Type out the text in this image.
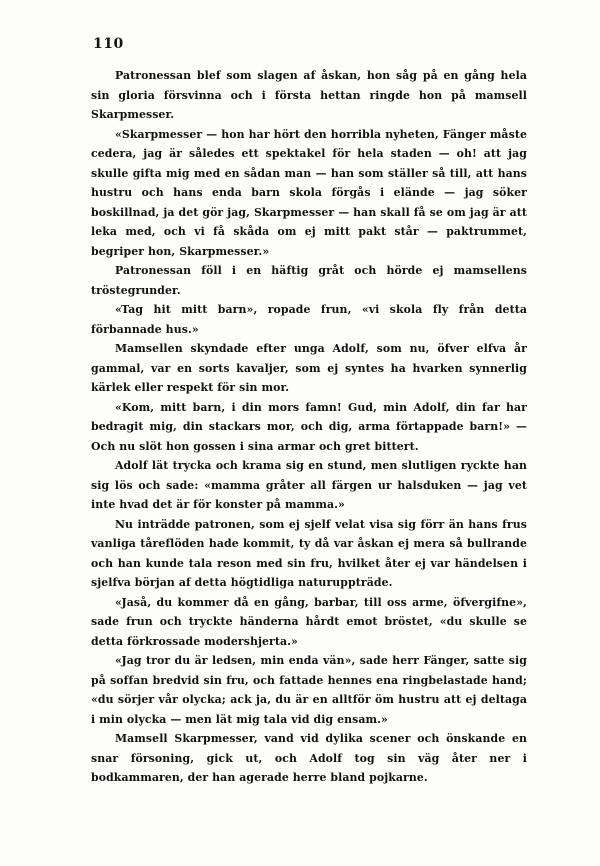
110

Patronessan blef som slagen af åskan, hon såg på en gång hela sin gloria försvinna och i första hettan ringde hon på mamsell Skarpmesser.

«Skarpmesser — hon har hört den horribla nyheten, Fänger måste cedera, jag är således ett spektakel för hela staden — oh! att jag skulle gifta mig med en sådan man — han som ställer så till, att hans hustru och hans enda barn skola förgås i elände — jag söker boskillnad, ja det gör jag, Skarpmesser — han skall få se om jag är att leka med, och vi få skåda om ej mitt pakt står — paktrummet, begriper hon, Skarpmesser.»

Patronessan föll i en häftig gråt och hörde ej mamsellens tröstegrunder.

«Tag hit mitt barn», ropade frun, «vi skola fly från detta förbannade hus.»

Mamsellen skyndade efter unga Adolf, som nu, öfver elfva år gammal, var en sorts kavaljer, som ej syntes ha hvarken synnerlig kärlek eller respekt för sin mor.

«Kom, mitt barn, i din mors famn! Gud, min Adolf, din far har bedragit mig, din stackars mor, och dig, arma förtappade barn!» — Och nu slöt hon gossen i sina armar och gret bittert.

Adolf lät trycka och krama sig en stund, men slutligen ryckte han sig lös och sade: «mamma gråter all färgen ur halsduken — jag vet inte hvad det är för konster på mamma.»

Nu inträdde patronen, som ej sjelf velat visa sig förr än hans frus vanliga tåreflöden hade kommit, ty då var åskan ej mera så bullrande och han kunde tala reson med sin fru, hvilket åter ej var händelsen i sjelfva början af detta högtidliga naturuppträde.

«Jaså, du kommer då en gång, barbar, till oss arme, öfvergifne», sade frun och tryckte händerna hårdt emot bröstet, «du skulle se detta förkrossade modershjerta.»

«Jag tror du är ledsen, min enda vän», sade herr Fänger, satte sig på soffan bredvid sin fru, och fattade hennes ena ringbelastade hand; «du sörjer vår olycka; ack ja, du är en alltför öm hustru att ej deltaga i min olycka — men lät mig tala vid dig ensam.»

Mamsell Skarpmesser, vand vid dylika scener och önskande en snar försoning, gick ut, och Adolf tog sin väg åter ner i bodkammaren, der han agerade herre bland pojkarne.
